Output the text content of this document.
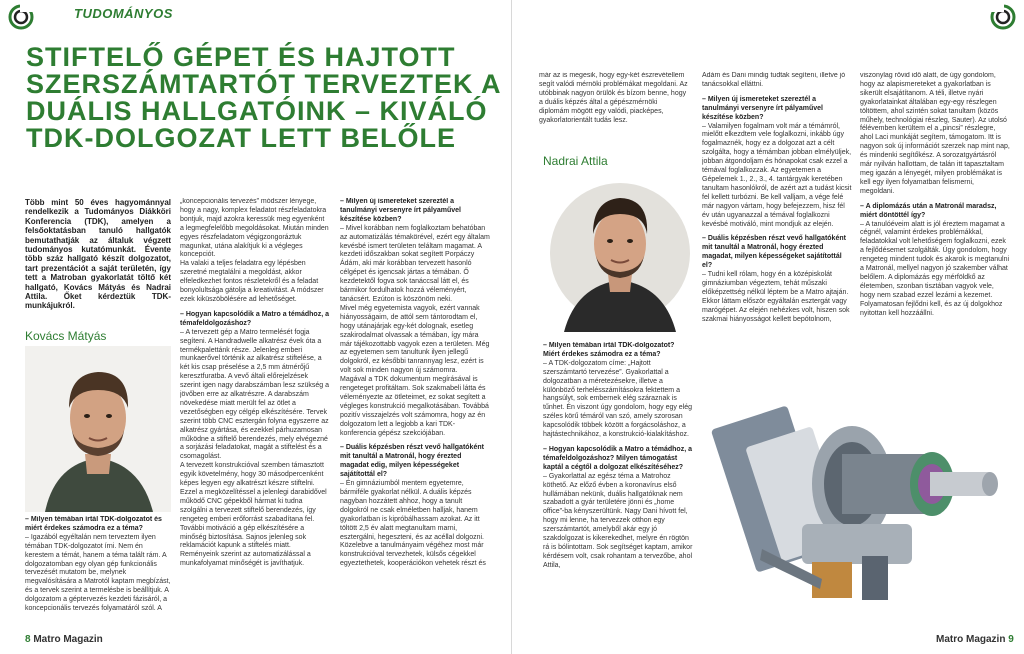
TUDOMÁNYOS
STIFTELŐ GÉPET ÉS HAJTOTT SZERSZÁMTARTÓT TERVEZTEK A DUÁLIS HALLGATÓINK – KIVÁLÓ TDK-DOLGOZAT LETT BELŐLE
Több mint 50 éves hagyománnyal rendelkezik a Tudományos Diákköri Konferencia (TDK), amelyen a felsőoktatásban tanuló hallgatók bemutathatják az általuk végzett tudományos kutatómunkát. Évente több száz hallgató készít dolgozatot, tart prezentációt a saját területén, így tett a Matroban gyakorlatát töltő két hallgató, Kovács Mátyás és Nadrai Attila. Őket kérdeztük TDK-munkájukról.
Kovács Mátyás

– Milyen témában írtál TDK-dolgozatot és miért érdekes számodra ez a téma?

– Igazából egyéltalán nem terveztem ilyen témában TDK-dolgozatot írni. Nem én kerestem a témát, hanem a téma talált rám. A dolgozatomban egy olyan gép funkcionális tervezését mutatom be, melynek megvalósítására a Matrotól kaptam megbízást, és a tervek szerint a termelésbe is beállítjuk. A dolgozatom a géptervezés kezdeti fázisáról, a koncepcionális tervezés folyamatáról szól. A

„koncepcionális tervezés” módszer lényege, hogy a nagy, komplex feladatot részfeladatokra bontjuk, majd azokra keressük meg egyenként a legmegfelelőbb megoldásokat. Miután minden egyes részfeladatom végigzongoráztuk magunkat, utána alakítjuk ki a végleges koncepciót.

Ha valaki a teljes feladatra egy lépésben szeretné megtalálni a megoldást, akkor elfeledkezhet fontos részletekről és a feladat bonyolultsága gátolja a kreativitást. A módszer ezek kiküszöbölésére ad lehetőséget.

– Hogyan kapcsolódik a Matro a témádhoz, a témafeldolgozáshoz?

– A tervezett gép a Matro termelését fogja segíteni. A Handradwelle alkatrész évek óta a termékpalettánk része. Jelenleg emberi munkaerővel történik az alkatrész stiftelése, a két kis csap préselése a 2,5 mm átmérőjű keresztfuratba. A vevő általi előrejelzések szerint igen nagy darabszámban lesz szükség a jövőben erre az alkatrészre. A darabszám növekedése miatt merült fel az ötlet a vezetőségben egy célgép elkészítésére. Tervek szerint több CNC esztergán folyna egyszerre az alkatrész gyártása, és ezekkel párhuzamosan működne a stiftelő berendezés, mely elvégezné a sorjázási feladatokat, magát a stiftelést és a csomagolást.

A tervezett konstrukcióval szemben támasztott egyik követelmény, hogy 30 másodpercenként képes legyen egy alkatrészt készre stiftelni. Ezzel a megközelítéssel a jelenlegi darabidővel működő CNC gépekből hármat ki tudna szolgálni a tervezett stiftelő berendezés, így rengeteg emberi erőforrást szabadítana fel. További motiváció a gép elkészítésére a minőség biztosítása. Sajnos jelenleg sok reklamációt kapunk a stiftelés miatt. Reményeink szerint az automatizálással a munkafolyamat minőségét is javíthatjuk.

– Milyen új ismereteket szereztél a tanulmányi versenyre írt pályaművel készítése közben?

– Mivel korábban nem foglalkoztam behatóban az automatizálás témakörével, ezért egy általam kevésbé ismert területen teláltam magamat. A kezdeti időszakban sokat segített Porpáczy Ádám, aki már korábban tervezett hasonló célgépet és igencsak jártas a témában. Ő kezdetektől fogva sok tanáccsal látt el, és bármikor fordulhatok hozzá véleményért, tanácsért. Ezúton is köszönöm neki.

Mivel még egyetemista vagyok, ezért vannak hiányosságaim, de attól sem tántorodtam el, hogy utánajárjak egy-két dolognak, esetleg szakirodalmat olvassak a témában, így mára már tájékozottabb vagyok ezen a területen. Még az egyetemen sem tanultunk ilyen jellegű dolgokról, ez későbbi tanrannyag lesz, ezért is volt sok minden nagyon új számomra.

Magával a TDK dokumentum megírásával is rengeteget profitáltam. Sok szakmabeli látta és véleményezte az ötleteimet, ez sokat segített a végleges konstrukció megalkotásában. Továbbá pozitív visszajelzés volt számomra, hogy az én dolgozatom lett a legjobb a kari TDK-konferencia gépész szekciójában.

– Duális képzésben részt vevő hallgatóként mit tanultál a Matronál, hogy érezted magadat edig, milyen képességeket sajátítottál el?

– Én gimnáziumból mentem egyetemre, bármiféle gyakorlat nélkül. A duális képzés nagyban hozzátett ahhoz, hogy a tanult dolgokról ne csak elméletben halljak, hanem gyakorlatban is kipróbálhassam azokat. Az itt töltött 2,5 év alatt megtanultam marni, esztergálni, hegeszteni, és az acéllal dolgozni. Közelebve a tanulmányaim végéhez most már konstrukcióval tervezhetek, külsős cégekkel egyeztethetek, kooperációkon vehetek részt és

8 Matro Magazin

már az is megesik, hogy egy-két észrevétellem segít valódi mérnöki problémákat megoldani. Az utóbbinak nagyon örülök és bízom benne, hogy a duális képzés által a gépészmérnöki diplomám mögött egy valódi, piacképes, gyakorlatorientált tudás lesz.

Nadrai Attila

– Milyen témában írtál TDK-dolgozatot? Miért érdekes számodra ez a téma?

– A TDK-dolgozatom címe: „Hajtott szerszámtartó tervezése”. Gyakorlattal a dolgozatban a méretezésekre, illetve a különböző terhelésszámításokra fektettem a hangsúlyt, sok embernek elég száraznak is tűnhet. Én viszont úgy gondolom, hogy egy elég széles körű témáról van szó, amely szorosan kapcsolódik többek között a forgácsoláshoz, a hajtástechnikához, a konstrukció-kialakításhoz.

– Hogyan kapcsolódik a Matro a témádhoz, a témafeldolgozáshoz? Milyen támogatást kaptál a cégtől a dolgozat elkészítéséhez?

– Gyakorlattal az egész téma a Matrohoz köthető. Az előző évben a koronavírus első hullámában nekünk, duális hallgatóknak nem szabadott a gyár területére jönni és „home office”-ba kényszerültünk. Nagy Dani hívott fel, hogy mi lenne, ha tervezzek otthon egy szerszámtartót, amelyből akár egy jó szakdolgozat is kikerekedhet, melyre én rögtön rá is bólintottam. Sok segítséget kaptam, amikor kérdésem volt, csak rohantam a tervezőbe, ahol Attila,

Ádám és Dani mindig tudtak segíteni, illetve jó tanácsokkal elláttni.

– Milyen új ismereteket szereztél a tanulmányi versenyre írt pályaművel készítése közben?

– Valamilyen fogalmam volt már a témámról, mielőtt elkezdtem vele foglalkozni, inkább úgy fogalmaznék, hogy ez a dolgozat azt a célt szolgálta, hogy a témámban jobban elmélyüljek, jobban átgondoljam és hónapokat csak ezzel a témával foglalkozzak. Az egyetemen a Gépelemek 1., 2., 3., 4. tantárgyak keretében tanultam hasonlókról, de azért azt a tudást kicsit fel kellett turbózni. Be kell valljam, a vége felé már nagyon vártam, hogy befejezzem, hisz fél év után ugyanazzal a témával foglalkozni kevésbé motiváló, mint mondjuk az elején.

– Duális képzésben részt vevő hallgatóként mit tanultál a Matronál, hogy érezted magadat, milyen képességeket sajátítottál el?

– Tudni kell rólam, hogy én a középiskolát gimnáziumban végeztem, tehát műszaki előképzettség nélkül léptem be a Matro ajtaján. Ekkor láttam először egyáltalán esztergát vagy marógépet. Az elején nehézkes volt, hiszen sok szakmai hiányosságot kellett bepótolnom,

viszonylag rövid idő alatt, de úgy gondolom, hogy az alapismereteket a gyakorlatban is sikerült elsajátítanom. A téli, illetve nyári gyakorlatainkat általában egy-egy részlegen töltöttem, ahol szintén sokat tanultam (közös műhely, technológiai részleg, Sauter). Az utolsó félévemben kerültem el a „pincsi” részlegre, ahol Laci munkáját segítem, támogatom. Itt is nagyon sok új információt szerzek nap mint nap, és mindenki segítőkész. A sorozatgyártásról már nyilván hallottam, de talán itt tapasztaltam meg igazán a lényegét, milyen problémákat is kell egy ilyen folyamatban felismerni, megoldani.

– A diplomázás után a Matronál maradsz, miért döntöttél így?

– A tanulóéveim alatt is jól éreztem magamat a cégnél, valamint érdekes problémákkal, feladatokkal volt lehetőségem foglalkozni, ezek a fejlődésemet szolgálták. Úgy gondolom, hogy rengeteg mindent tudok és akarok is megtanulni a Matronál, mellyel nagyon jó szakember válhat belőlem. A diplomázás egy mérföldkő az életemben, szonban tisztában vagyok vele, hogy nem szabad ezzel lezárni a kezemet. Folyamatosan fejlődni kell, és az új dolgokhoz nyitottan kell hozzáállni.

Matro Magazin 9
